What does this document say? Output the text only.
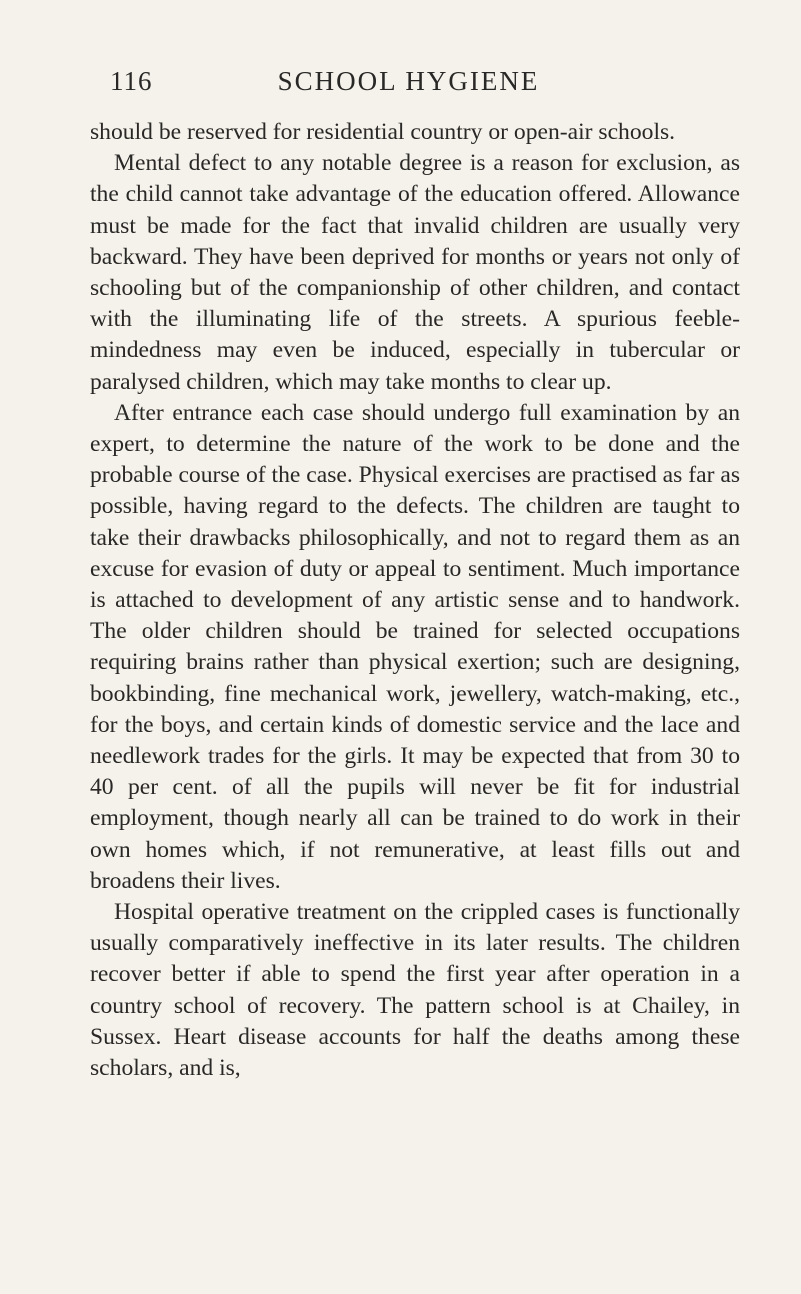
116	SCHOOL HYGIENE

should be reserved for residential country or open-air schools.

Mental defect to any notable degree is a reason for exclusion, as the child cannot take advantage of the education offered. Allowance must be made for the fact that invalid children are usually very backward. They have been deprived for months or years not only of schooling but of the companionship of other children, and contact with the illuminating life of the streets. A spurious feeble-mindedness may even be induced, especially in tubercular or paralysed children, which may take months to clear up.

After entrance each case should undergo full examination by an expert, to determine the nature of the work to be done and the probable course of the case. Physical exercises are practised as far as possible, having regard to the defects. The children are taught to take their drawbacks philosophically, and not to regard them as an excuse for evasion of duty or appeal to sentiment. Much importance is attached to development of any artistic sense and to handwork. The older children should be trained for selected occupations requiring brains rather than physical exertion; such are designing, bookbinding, fine mechanical work, jewellery, watch-making, etc., for the boys, and certain kinds of domestic service and the lace and needlework trades for the girls. It may be expected that from 30 to 40 per cent. of all the pupils will never be fit for industrial employment, though nearly all can be trained to do work in their own homes which, if not remunerative, at least fills out and broadens their lives.

Hospital operative treatment on the crippled cases is functionally usually comparatively ineffective in its later results. The children recover better if able to spend the first year after operation in a country school of recovery. The pattern school is at Chailey, in Sussex. Heart disease accounts for half the deaths among these scholars, and is,
